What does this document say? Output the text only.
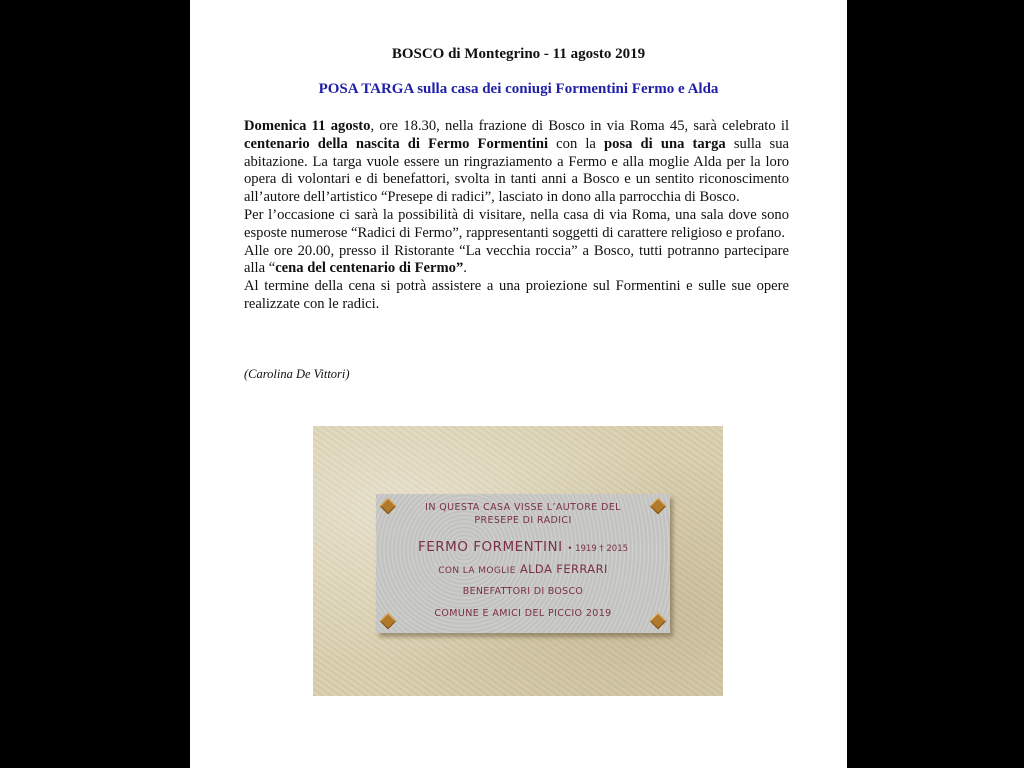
BOSCO di Montegrino - 11 agosto 2019
POSA TARGA sulla casa dei coniugi Formentini Fermo e Alda

Domenica 11 agosto, ore 18.30, nella frazione di Bosco in via Roma 45, sarà celebrato il centenario della nascita di Fermo Formentini con la posa di una targa sulla sua abitazione. La targa vuole essere un ringraziamento a Fermo e alla moglie Alda per la loro opera di volontari e di benefattori, svolta in tanti anni a Bosco e un sentito riconoscimento all’autore dell’artistico “Presepe di radici”, lasciato in dono alla parrocchia di Bosco.

Per l’occasione ci sarà la possibilità di visitare, nella casa di via Roma, una sala dove sono esposte numerose “Radici di Fermo”, rappresentanti soggetti di carattere religioso e profano.

Alle ore 20.00, presso il Ristorante “La vecchia roccia” a Bosco, tutti potranno partecipare alla “cena del centenario di Fermo”.

Al termine della cena si potrà assistere a una proiezione sul Formentini e sulle sue opere realizzate con le radici.

(Carolina De Vittori)
IN QUESTA CASA VISSE L’AUTORE DEL
PRESEPE DI RADICI
FERMO FORMENTINI • 1919 † 2015
CON LA MOGLIE ALDA FERRARI
BENEFATTORI DI BOSCO
COMUNE E AMICI DEL PICCIO 2019
